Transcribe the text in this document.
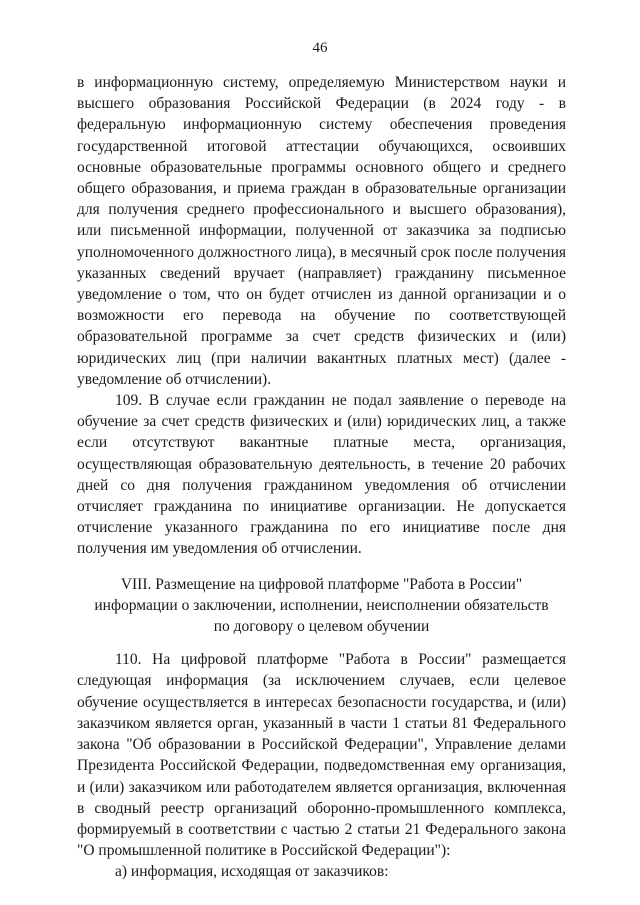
46

в информационную систему, определяемую Министерством науки и высшего образования Российской Федерации (в 2024 году - в федеральную информационную систему обеспечения проведения государственной итоговой аттестации обучающихся, освоивших основные образовательные программы основного общего и среднего общего образования, и приема граждан в образовательные организации для получения среднего профессионального и высшего образования), или письменной информации, полученной от заказчика за подписью уполномоченного должностного лица), в месячный срок после получения указанных сведений вручает (направляет) гражданину письменное уведомление о том, что он будет отчислен из данной организации и о возможности его перевода на обучение по соответствующей образовательной программе за счет средств физических и (или) юридических лиц (при наличии вакантных платных мест) (далее - уведомление об отчислении).

109. В случае если гражданин не подал заявление о переводе на обучение за счет средств физических и (или) юридических лиц, а также если отсутствуют вакантные платные места, организация, осуществляющая образовательную деятельность, в течение 20 рабочих дней со дня получения гражданином уведомления об отчислении отчисляет гражданина по инициативе организации. Не допускается отчисление указанного гражданина по его инициативе после дня получения им уведомления об отчислении.

VIII. Размещение на цифровой платформе "Работа в России"
информации о заключении, исполнении, неисполнении обязательств
по договору о целевом обучении

110. На цифровой платформе "Работа в России" размещается следующая информация (за исключением случаев, если целевое обучение осуществляется в интересах безопасности государства, и (или) заказчиком является орган, указанный в части 1 статьи 81 Федерального закона "Об образовании в Российской Федерации", Управление делами Президента Российской Федерации, подведомственная ему организация, и (или) заказчиком или работодателем является организация, включенная в сводный реестр организаций оборонно-промышленного комплекса, формируемый в соответствии с частью 2 статьи 21 Федерального закона "О промышленной политике в Российской Федерации"):

а) информация, исходящая от заказчиков:
